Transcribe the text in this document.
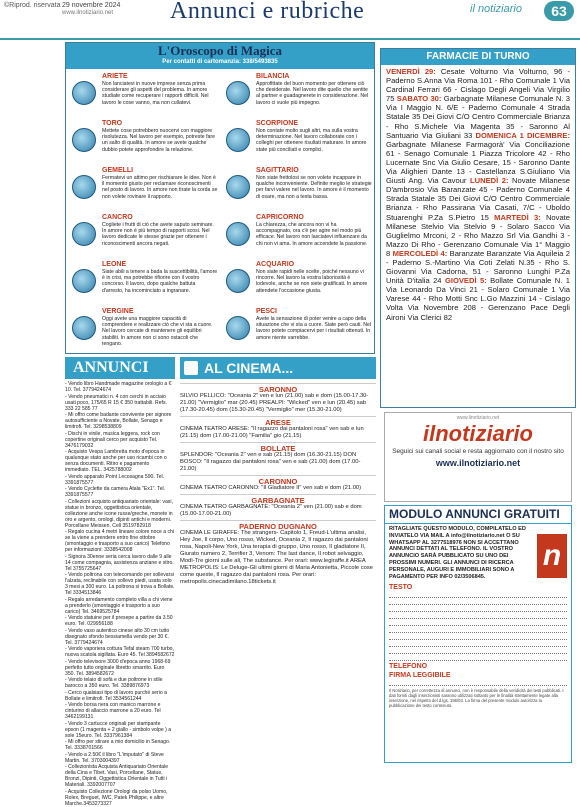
©Riprod. riservata 29 novembre 2024
www.ilnotiziario.net Annunci e rubriche	il notiziario	63
L'Oroscopo di Magica
Per contatti di cartomanzia: 338/5493835
ARIETE
Non lanciatevi in nuove imprese senza prima considerare gli aspetti del problema. In amore studiate come recuperare i rapporti difficili. Nel lavoro le cose vanno, ma non cullatevi.
BILANCIA
Approfittate del buon momento per ottenere ciò che desiderate. Nel lavoro dite quello che sentite al partner e guadagnerete in considerazione. Nel lavoro ci vuole più impegno.
TORO
Mettete cose potrebbero nuocervi con maggiore risolutezza. Nel lavoro per esempio, potreste fare un salto di qualità. In amore se avete qualche dubbio potete approfondire la relazione.
SCORPIONE
Non contate molto sugli altri, ma sulla vostra determinazione. Nel lavoro collaborate con i colleghi per ottenere risultati maturare. In amore state più conciliati e complici.
GEMELLI
Fermatevi un attimo per rischiarare le idee. Non è il momento giusto per reclamare riconoscimenti nel posto di lavoro. In amore non tirate la corda se non volete rovinare il rapporto.
SAGITTARIO
Non siate frettolosi se non volete incappare in qualche inconveniente. Definite meglio le strategie per farvi valere nel lavoro. In amore è il momento di osare, ma non a testa bassa.
CANCRO
Cogliete i frutti di ciò che avete saputo seminare. In amore non è più tempo di rapporti scosi. Nel lavoro dedicate le stesse grazie per ottenere i riconoscimenti ancora negati.
CAPRICORNO
La chiarezza, che ancora non vi ha accompagnato, ora c'è per agire nel modo più efficace. Nel lavoro non lasciatevi influenzare da chi non vi ama. In amore accendete la passione.
LEONE
Siate abili a tenere a bada la suscettibilità, l'amore è in crisi, ma potrebbe rifiorire con il vostro concorso. Il lavoro, dopo qualche battuta d'arresto, ha incominciato a ingranare.
ACQUARIO
Non siate rapidi nelle scelte, poiché nessuno vi rincorre. Nel lavoro la vostra laboriosità è lodevole, anche se non siete gratificati. In amore attendete l'occasione giusta.
VERGINE
Oggi avete una maggiore capacità di comprendere e realizzare ciò che vi sta a cuore. Nel lavoro cercate di mantenere gli equilibri stabiliti. In amore non ci sono ostacoli che tengano.
PESCI
Avete la sensazione di poter venire a capo della situazione che vi sta a cuore. Siate però cauti. Nel lavoro potete compiacervi per i risultati ottenuti. In amore niente varrebbe.
ANNUNCI

- Vendo libro Handmade magazine orologio a € 10. Tel. 3779424674

- Vendo pneumatici n. 4 con cerchi in acciaio usati poco, 175/65 R 15 € 350 trattabili. Refs. 333 22 585 77

- Mi offro come badante convivente per signore autosufficiente a Novate, Bollate, Senago e limitrofi. Tel. 3298538809

- Dischi in vinile, musica leggera, rock con copertine originali cerco per acquisto Tel. 3476179032

- Acquisto Vespa Lambretta moto d'epoca in qualunque stato anche per uso ricambi con o senza documenti. Ritiro e pagamento immediato. TEL. 3425788002

- Vendo apparato Point Lecosagna 590. Tel. 3391875577

- Vendo Cyclette da camera Atala "Ex1". Tel. 3391875577

- Collezioni acquisto antiquariato orientale: vasi, statue in bronzo, oggettistica orientale, collezione anche icone russe/greche, monete in oro e argento, orologi, dipinti antichi e moderni. Porcellane Meissen. Cell 3519782918

- Regalo cucina 4 metri lineare colore noce a chi se la viene a prendere entro fine ottobre (smontaggio e trasporto a suo carico) Telefono per informazioni: 3338542008

- Signora 30enne seria cerca lavoro dalle 9 alle 14 come compagnia, assistenza anziane e stiro. Tel 3755725647

- Vendo poltrona con telecomando per sollevarsi l'alzata, reclinabile con sollevo piedi, usata solo 3 mesi a 300 euro. La poltrona si trova a Bollate. Tel 3334513846

- Regalo arredamento completo villa a chi viene a prenderlo (smontaggio e trasporto a suo carico) Tel. 3469525784

- Vendo statuine per il presepe a partire da 3.50 euro. Tel. 029956188

- Vendo vaso autentico cinese alto 30 cm tutto disegnato sfondo bessiamella vendo per 30 €. Tel. 3779424674

- Vendo vaporiera cottura Tefal steam 700 turbo, nuova scatola sigillata. Euro 45. Tel 3894582672

- Vendo televisore 3000 d'epoca anno 1968-69 perfetto tutto originale libretto smarrito. Euro 350. Tel. 3894582672

- Vendo telaio di sofà e due poltrone in stile barocco a 350 euro. Tel. 3389876973

- Cerco qualsiasi tipo di lavoro purché serio a Bollate e limitrofi. Tel 3534561244

- Vendo borsa nera con manico marrone e cinturino di allaccio marrone a 20 euro. Tel 3462199131

- Vendo 3 cartucce originali per stampante epson (1 magenta + 2 giallo - simbolo volpe ) a sole 15euro. Tel. 3337961384

- Mi offro per stirare a mio domicilio in Senago. Tel. 3338701566

- Vendo a 2.50€ il libro "L'imputato" di Steve Martin. Tel. 3703004397

- Collezionista Acquista Antiquariato Orientale della Cina e Tibet. Vasi, Porcellane, Statue, Bronzi, Dipinti, Oggettistica Orientale in Tutti i Materiali. 3392007707

- Acquisto Collezione Orologi da polso Uomo, Rolex, Breguet, IWC, Patek Philippe, e altre Marche.3453273327

AL CINEMA...
SARONNO
SILVIO PELLICO: "Oceania 2" ven e lun (21.00) sab e dom (15.00-17.30-21.00) "Vermiglio" mar (20.45) PREALPI: "Wicked" ven e lun (20.45) sab (17.30-20.45) dom (15.30-20.45) "Vermiglio" mer (15.30-21.00)
ARESE
CINEMA TEATRO ARESE: "Il ragazzo dai pantaloni rosa" ven sab e lun (21.15) dom (17.00-21.00) "Familia" gio (21.15)
BOLLATE
SPLENDOR: "Oceania 2" ven e sab (21.15) dom (16.30-21.15) DON BOSCO: "Il ragazzo dai pantaloni rosa" ven e sab (21.00) dom (17.00-21.00)
CARONNO
CINEMA TEATRO CARONNO: "Il Gladiatore II" ven sab e dom (21.00)
GARBAGNATE
CINEMA TEATRO GARBAGNATE: "Oceania 2" ven (21.00) sab e dom (15.00-17.00-21.00)
PADERNO DUGNANO
CINEMA LE GIRAFFE: The strangers- Capitolo 1, Freud-L'ultima analisi, Hey Joe, Il corpo, Uno rosso, Wicked, Oceania 2, Il ragazzo dai pantaloni rosa, Napoli-New York, Una terapia di gruppo, Uno rosso, Il gladiatore II, Giurato numero 2, Terrifier 3, Venom: The last dance, Il robot selvaggio, Modì-Tre giorni sulle ali, The substance. Per orari: www.legiraffe.it AREA METROPOLIS: Le Deluge-Gli ultimi giorni di Maria Antonietta, Piccole cose come queste, Il ragazzo dai pantaloni rosa. Per orari: metropolis.cinecadimilano.18tickets.it
FARMACIE DI TURNO
VENERDÌ 29: Cesate Volturno Via Volturno, 96 - Paderno S.Anna Via Roma 101 - Rho Comunale 1 Via Cardinal Ferrari 66 - Cislago Degli Angeli Via Virgilio 75 SABATO 30: Garbagnate Milanese Comunale N. 3 Via I Maggio N. 6/E - Paderno Comunale 4 Strada Statale 35 Dei Giovi C/O Centro Commerciale Brianza - Rho S.Michele Via Magenta 35 - Saronno Al Santuario Via Giuliani 33 DOMENICA 1 DICEMBRE: Garbagnate Milanese Farmagorà' Via Conciliazione 61 - Senago Comunale 1 Piazza Tricolore 42 - Rho Lucernate Snc Via Giulio Cesare, 15 - Saronno Dante Via Alighieri Dante 13 - Castellanza S.Giuliano Via Giusti Ang. Via Cavour LUNEDÌ 2: Novate Milanese D'ambrosio Via Baranzate 45 - Paderno Comunale 4 Strada Statale 35 Dei Giovi C/O Centro Commerciale Brianza - Rho Passirana Via Casati, 7/C - Uboldo Stuarenghi P.Za S.Pietro 15 MARTEDÌ 3: Novate Milanese Stelvio Via Stelvio 9 - Solaro Sacco Via Guglielmo Mrconi, 2 - Rho Mazzo Srl Via Gandhi 3 - Mazzo Di Rho - Gerenzano Comunale Via 1° Maggio 8 MERCOLEDÌ 4: Baranzate Baranzate Via Aquileia 2 - Paderno S.-Martino Via Coti Zelati N.35 - Rho S. Giovanni Via Cadorna, 51 - Saronno Lunghi P.Za Unità D'italia 24 GIOVEDÌ 5: Bollate Comunale N. 1 Via Leonardo Da Vinci 21 - Solaro Comunale 1 Via Varese 44 - Rho Motti Snc L.Go Mazzini 14 - Cislago Volta Via Novembre 208 - Gerenzano Pace Degli Aironi Via Clerici 82
www.ilnotiziario.net
ilnotiziario
Seguici sui canali social e resta aggiornato con il nostro sito
www.ilnotiziario.net
MODULO ANNUNCI GRATUITI
n
RITAGLIATE QUESTO MODULO, COMPILATELO ED INVIATELO VIA MAIL A info@ilnotiziario.net O SU WHATSAPP AL 3277518976 NON SI ACCETTANO ANNUNCI DETTATI AL TELEFONO. IL VOSTRO ANNUNCIO SARÀ PUBBLICATO SU UNO DEI PROSSIMI NUMERI. GLI ANNUNCI DI RICERCA PERSONALE, AUGURI E IMMOBILIARI SONO A PAGAMENTO PER INFO 02/3506845.
TESTO
TELEFONO
FIRMA LEGGIBILE
Il Notiziario, per correttezza di annunci, non è responsabile della veridicità dei testi pubblicati. I dati forniti dagli inserzionisti saranno utilizzati soltanto per le finalità strettamente legate alla inserzione, nel rispetto del d.lgs. 196/03. La firma del presente modulo autorizza la pubblicazione dei testo contenuto.
